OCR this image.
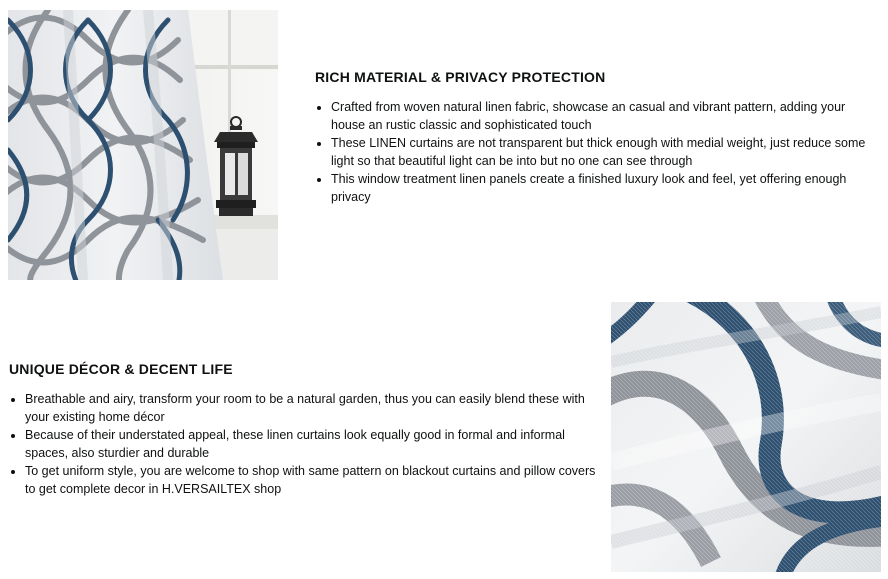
RICH MATERIAL & PRIVACY PROTECTION
• Crafted from woven natural linen fabric, showcase an casual and vibrant pattern, adding your house an rustic classic and sophisticated touch
• These LINEN curtains are not transparent but thick enough with medial weight, just reduce some light so that beautiful light can be into but no one can see through
• This window treatment linen panels create a finished luxury look and feel, yet offering enough privacy
UNIQUE DÉCOR & DECENT LIFE
• Breathable and airy, transform your room to be a natural garden, thus you can easily blend these with your existing home décor
• Because of their understated appeal, these linen curtains look equally good in formal and informal spaces, also sturdier and durable
• To get uniform style, you are welcome to shop with same pattern on blackout curtains and pillow covers to get complete decor in H.VERSAILTEX shop
